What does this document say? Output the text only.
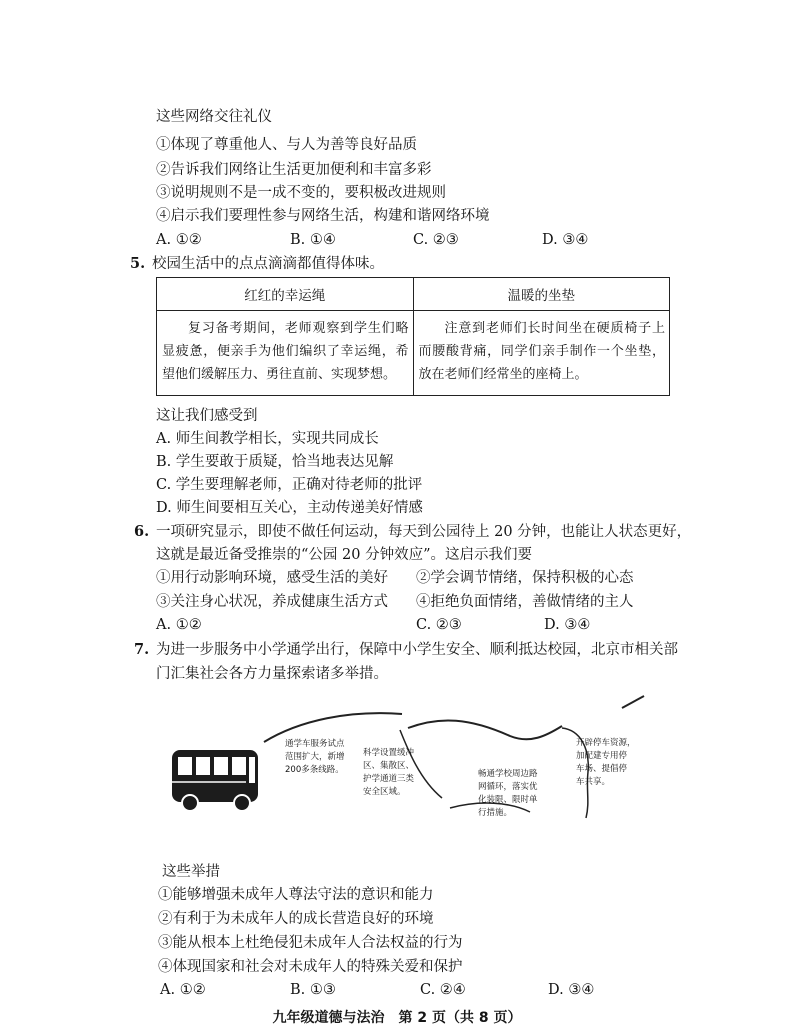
这些网络交往礼仪
①体现了尊重他人、与人为善等良好品质
②告诉我们网络让生活更加便利和丰富多彩
③说明规则不是一成不变的，要积极改进规则
④启示我们要理性参与网络生活，构建和谐网络环境
A. ①②	B. ①④	C. ②③	D. ③④
5. 校园生活中的点点滴滴都值得体味。
红红的幸运绳	温暖的坐垫
复习备考期间，老师观察到学生们略显疲惫，便亲手为他们编织了幸运绳，希望他们缓解压力、勇往直前、实现梦想。	注意到老师们长时间坐在硬质椅子上而腰酸背痛，同学们亲手制作一个坐垫，放在老师们经常坐的座椅上。
这让我们感受到
A. 师生间教学相长，实现共同成长
B. 学生要敢于质疑，恰当地表达见解
C. 学生要理解老师，正确对待老师的批评
D. 师生间要相互关心，主动传递美好情感
6. 一项研究显示，即使不做任何运动，每天到公园待上 20 分钟，也能让人状态更好，
这就是最近备受推崇的“公园 20 分钟效应”。这启示我们要
①用行动影响环境，感受生活的美好 ②学会调节情绪，保持积极的心态
③关注身心状况，养成健康生活方式 ④拒绝负面情绪，善做情绪的主人
A. ①②	C. ②③	D. ③④
7. 为进一步服务中小学通学出行，保障中小学生安全、顺利抵达校园，北京市相关部
门汇集社会各方力量探索诸多举措。
通学车服务试点
范围扩大，新增
200多条线路。
科学设置缓冲
区、集散区、
护学通道三类
安全区域。
畅通学校周边路
网循环，落实优
化装限、限时单
行措施。
开辟停车资源，
加配建专用停
车场、提倡停
车共享。
这些举措
①能够增强未成年人尊法守法的意识和能力
②有利于为未成年人的成长营造良好的环境
③能从根本上杜绝侵犯未成年人合法权益的行为
④体现国家和社会对未成年人的特殊关爱和保护
A. ①②	B. ①③	C. ②④	D. ③④
九年级道德与法治　第 2 页（共 8 页）
